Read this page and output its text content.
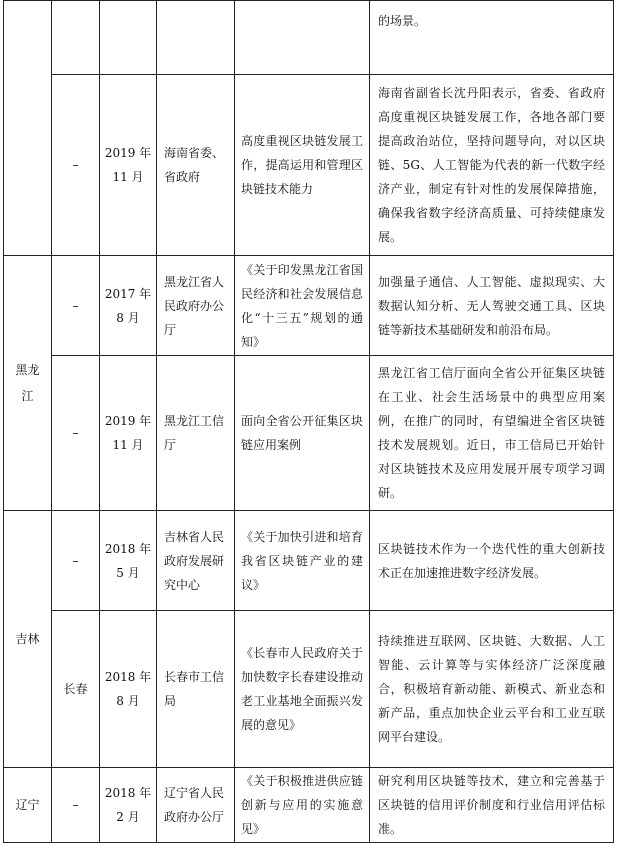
					的场景。

	–	2019 年 11 月	海南省委、省政府	高度重视区块链发展工作，提高运用和管理区块链技术能力	海南省副省长沈丹阳表示，省委、省政府高度重视区块链发展工作，各地各部门要提高政治站位，坚持问题导向，对以区块链、5G、人工智能为代表的新一代数字经济产业，制定有针对性的发展保障措施，确保我省数字经济高质量、可持续健康发展。

黑龙江	–	2017 年 8 月	黑龙江省人民政府办公厅	《关于印发黑龙江省国民经济和社会发展信息化“十三五”规划的通知》	加强量子通信、人工智能、虚拟现实、大数据认知分析、无人驾驶交通工具、区块链等新技术基础研发和前沿布局。

	–	2019 年 11 月	黑龙江工信厅	面向全省公开征集区块链应用案例	黑龙江省工信厅面向全省公开征集区块链在工业、社会生活场景中的典型应用案例，在推广的同时，有望编进全省区块链技术发展规划。近日，市工信局已开始针对区块链技术及应用发展开展专项学习调研。

吉林	–	2018 年 5 月	吉林省人民政府发展研究中心	《关于加快引进和培育我省区块链产业的建议》	区块链技术作为一个迭代性的重大创新技术正在加速推进数字经济发展。

	长春	2018 年 8 月	长春市工信局	《长春市人民政府关于加快数字长春建设推动老工业基地全面振兴发展的意见》	持续推进互联网、区块链、大数据、人工智能、云计算等与实体经济广泛深度融合，积极培育新动能、新模式、新业态和新产品，重点加快企业云平台和工业互联网平台建设。

辽宁	–	2018 年 2 月	辽宁省人民政府办公厅	《关于积极推进供应链创新与应用的实施意见》	研究利用区块链等技术，建立和完善基于区块链的信用评价制度和行业信用评估标准。
